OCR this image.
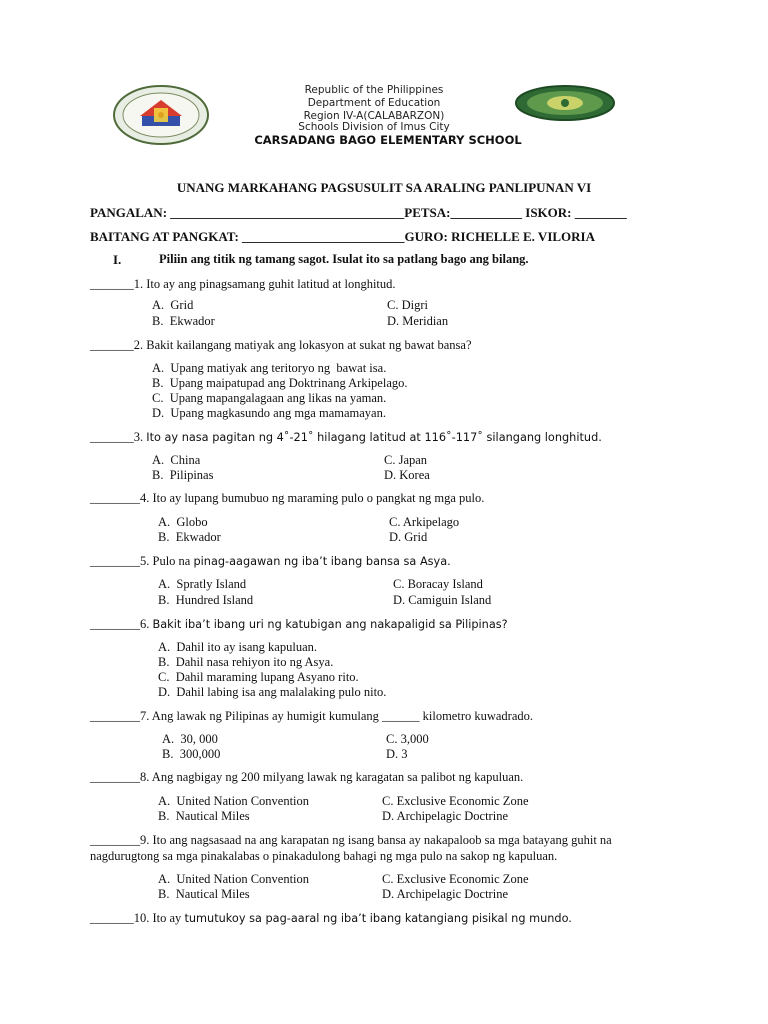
Republic of the Philippines
Department of Education
Region IV-A(CALABARZON)
Schools Division of Imus City
CARSADANG BAGO ELEMENTARY SCHOOL
UNANG MARKAHANG PAGSUSULIT SA ARALING PANLIPUNAN VI
PANGALAN: ____________________________________PETSA:___________ ISKOR: ________
BAITANG AT PANGKAT: _________________________GURO: RICHELLE E. VILORIA
I.	Piliin ang titik ng tamang sagot. Isulat ito sa patlang bago ang bilang.
_______1. Ito ay ang pinagsamang guhit latitud at longhitud.
A.  Grid
B.  Ekwador
C. Digri
D. Meridian
_______2. Bakit kailangang matiyak ang lokasyon at sukat ng bawat bansa?
A.  Upang matiyak ang teritoryo ng  bawat isa.
B.  Upang maipatupad ang Doktrinang Arkipelago.
C.  Upang mapangalagaan ang likas na yaman.
D.  Upang magkasundo ang mga mamamayan.
_______3. Ito ay nasa pagitan ng 4˚-21˚ hilagang latitud at 116˚-117˚ silangang longhitud.
A.  China
B.  Pilipinas
C. Japan
D. Korea
________4. Ito ay lupang bumubuo ng maraming pulo o pangkat ng mga pulo.
A.  Globo
B.  Ekwador
C. Arkipelago
D. Grid
________5. Pulo na pinag-aagawan ng iba’t ibang bansa sa Asya.
A.  Spratly Island
B.  Hundred Island
C. Boracay Island
D. Camiguin Island
________6. Bakit iba’t ibang uri ng katubigan ang nakapaligid sa Pilipinas?
A.  Dahil ito ay isang kapuluan.
B.  Dahil nasa rehiyon ito ng Asya.
C.  Dahil maraming lupang Asyano rito.
D.  Dahil labing isa ang malalaking pulo nito.
________7. Ang lawak ng Pilipinas ay humigit kumulang ______ kilometro kuwadrado.
A.  30, 000
B.  300,000
C. 3,000
D. 3
________8. Ang nagbigay ng 200 milyang lawak ng karagatan sa palibot ng kapuluan.
A.  United Nation Convention
B.  Nautical Miles
C. Exclusive Economic Zone
D. Archipelagic Doctrine
________9. Ito ang nagsasaad na ang karapatan ng isang bansa ay nakapaloob sa mga batayang guhit na
nagdurugtong sa mga pinakalabas o pinakadulong bahagi ng mga pulo na sakop ng kapuluan.
A.  United Nation Convention
B.  Nautical Miles
C. Exclusive Economic Zone
D. Archipelagic Doctrine
_______10. Ito ay tumutukoy sa pag-aaral ng iba’t ibang katangiang pisikal ng mundo.
